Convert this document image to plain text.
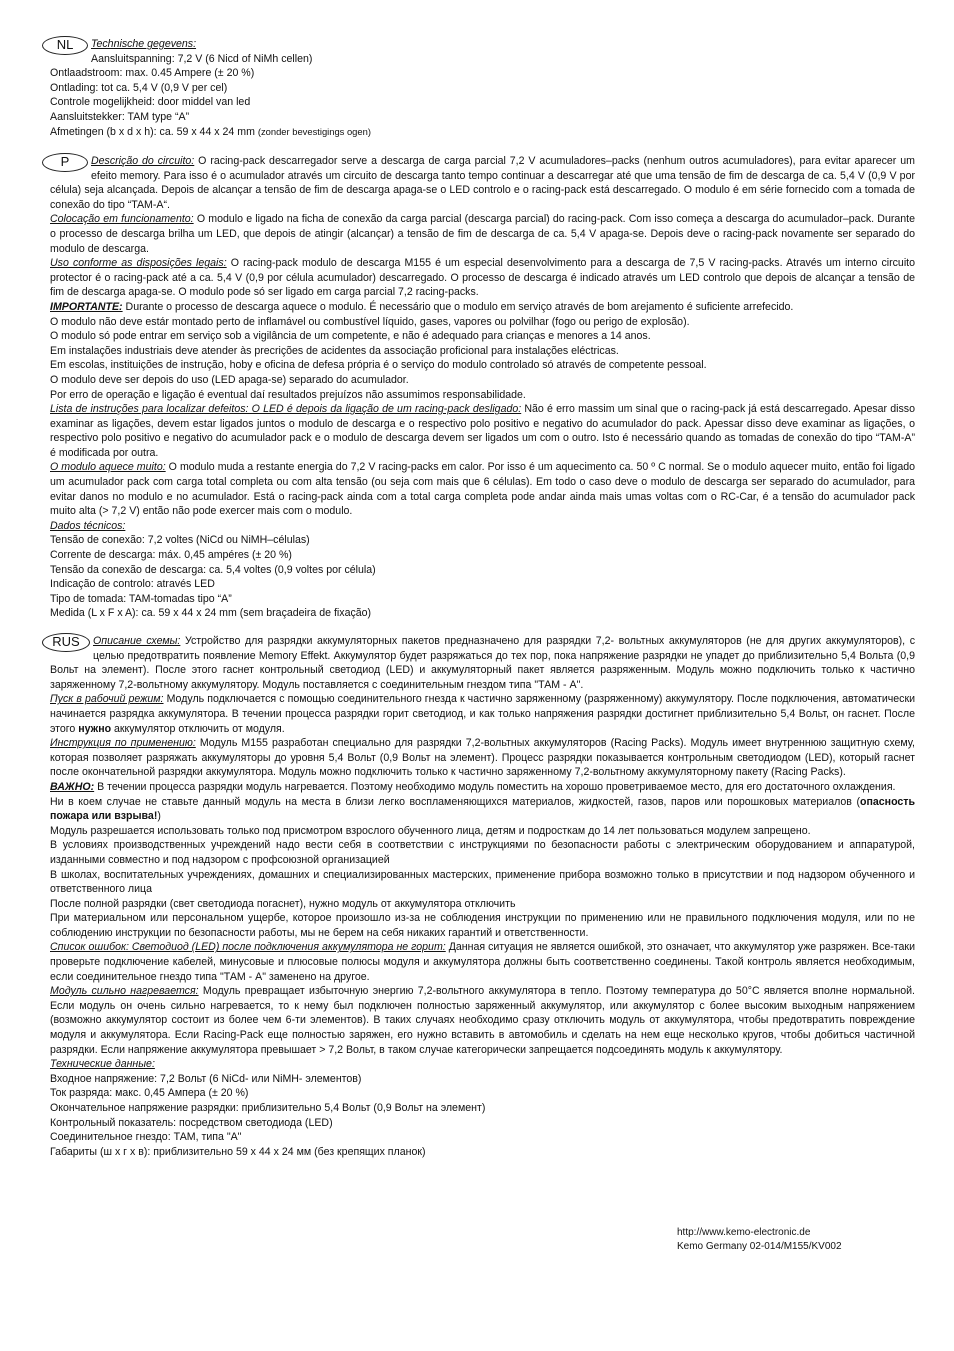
NL	Technische gegevens:
Aansluitspanning: 7,2 V (6 Nicd of NiMh cellen)

Ontlaadstroom: max. 0.45 Ampere (± 20 %)

Ontlading: tot ca. 5,4 V (0,9 V per cel)

Controle mogelijkheid: door middel van led

Aansluitstekker: TAM type “A”

Afmetingen (b x d x h): ca. 59 x 44 x 24 mm (zonder bevestigings ogen)

P	Descrição do circuito: O racing-pack descarregador serve a descarga de carga parcial 7,2 V acumuladores–packs (nenhum outros acumuladores), para evitar aparecer um efeito memory. Para isso é o acumulador através um circuito de descarga tanto tempo continuar a descarregar até que uma tensão de fim de descarga de ca. 5,4 V (0,9 V por célula) seja alcançada. Depois de alcançar a tensão de fim de descarga apaga-se o LED controlo e o racing-pack está descarregado. O modulo é em série fornecido com a tomada de conexão do tipo “TAM-A“.

Colocação em funcionamento: O modulo e ligado na ficha de conexão da carga parcial (descarga parcial) do racing-pack. Com isso começa a descarga do acumulador–pack. Durante o processo de descarga brilha um LED, que depois de atingir (alcançar) a tensão de fim de descarga de ca. 5,4 V apaga-se. Depois deve o racing-pack novamente ser separado do modulo de descarga.

Uso conforme as disposições legais: O racing-pack modulo de descarga M155 é um especial desenvolvimento para a descarga de 7,5 V racing-packs. Através um interno circuito protector é o racing-pack até a ca. 5,4 V (0,9 por célula acumulador) descarregado. O processo de descarga é indicado através um LED controlo que depois de alcançar a tensão de fim de descarga apaga-se. O modulo pode só ser ligado em carga parcial 7,2 racing-packs.

IMPORTANTE: Durante o processo de descarga aquece o modulo. É necessário que o modulo em serviço através de bom arejamento é suficiente arrefecido.

O modulo não deve estár montado perto de inflamável ou combustível líquido, gases, vapores ou polvilhar (fogo ou perigo de explosão).

O modulo só pode entrar em serviço sob a vigilância de um competente, e não é adequado para crianças e menores a 14 anos.

Em instalações industriais deve atender às precrições de acidentes da associação proficional para instalações eléctricas.

Em escolas, instituições de instrução, hoby e oficina de defesa própria é o serviço do modulo controlado só através de competente pessoal.

O modulo deve ser depois do uso (LED apaga-se) separado do acumulador.

Por erro de operação e ligação é eventual daí resultados prejuízos não assumimos responsabilidade.

Lista de instruções para localizar defeitos: O LED é depois da ligação de um racing-pack desligado: Não é erro massim um sinal que o racing-pack já está descarregado. Apesar disso examinar as ligações, devem estar ligados juntos o modulo de descarga e o respectivo polo positivo e negativo do acumulador do pack. Apessar disso deve examinar as ligações, o respectivo polo positivo e negativo do acumulador pack e o modulo de descarga devem ser ligados um com o outro. Isto é necessário quando as tomadas de conexão do tipo “TAM-A” é modificada por outra.

O modulo aquece muito: O modulo muda a restante energia do 7,2 V racing-packs em calor. Por isso é um aquecimento ca. 50 º C normal. Se o modulo aquecer muito, então foi ligado um acumulador pack com carga total completa ou com alta tensão (ou seja com mais que 6 células). Em todo o caso deve o modulo de descarga ser separado do acumulador, para evitar danos no modulo e no acumulador. Está o racing-pack ainda com a total carga completa pode andar ainda mais umas voltas com o RC-Car, é a tensão do acumulador pack muito alta (> 7,2 V) então não pode exercer mais com o modulo.

Dados técnicos:

Tensão de conexão: 7,2 voltes (NiCd ou NiMH–células)

Corrente de descarga: máx. 0,45 ampéres (± 20 %)

Tensão da conexão de descarga: ca. 5,4 voltes (0,9 voltes por célula)

Indicação de controlo: através LED

Tipo de tomada: TAM-tomadas tipo “A”

Medida (L x F x A): ca. 59 x 44 x 24 mm (sem braçadeira de fixação)

RUS	Описание схемы: Устройство для разрядки аккумуляторных пакетов предназначено для разрядки 7,2- вольтных аккумуляторов (не для других аккумуляторов), с целью предотвратить появление Memory Effekt. Аккумулятор будет разряжаться до тех пор, пока напряжение разрядки не упадет до приблизительно 5,4 Вольта (0,9 Вольт на элемент). После этого гаснет контрольный светодиод (LED) и аккумуляторный пакет является разряженным. Модуль можно подключить только к частично заряженному 7,2-вольтному аккумулятору. Модуль поставляется с соединительным гнездом типа "ТАМ - А".

Пуск в рабочий режим: Модуль подключается с помощью соединительного гнезда к частично заряженному (разряженному) аккумулятору. После подключения, автоматически начинается разрядка аккумулятора. В течении процесса разрядки горит светодиод, и как только напряжения разрядки достигнет приблизительно 5,4 Вольт, он гаснет. После этого нужно аккумулятор отключить от модуля.

Инструкция по применению: Модуль M155 разработан специально для разрядки 7,2-вольтных аккумуляторов (Racing Packs). Модуль имеет внутреннюю защитную схему, которая позволяет разряжать аккумуляторы до уровня 5,4 Вольт (0,9 Вольт на элемент). Процесс разрядки показывается контрольным светодиодом (LED), который гаснет после окончательной разрядки аккумулятора. Модуль можно подключить только к частично заряженному 7,2-вольтному аккумуляторному пакету (Racing Packs).

ВАЖНО: В течении процесса разрядки модуль нагревается. Поэтому необходимо модуль поместить на хорошо проветриваемое место, для его достаточного охлаждения.

Ни в коем случае не ставьте данный модуль на места в близи легко воспламеняющихся материалов, жидкостей, газов, паров или порошковых материалов (опасность пожара или взрыва!)

Модуль разрешается использовать только под присмотром взрослого обученного лица, детям и подросткам до 14 лет пользоваться модулем запрещено.

В условиях производственных учреждений надо вести себя в соответствии с инструкциями по безопасности работы с электрическим оборудованием и аппаратурой, изданными совместно и под надзором с профсоюзной организацией

В школах, воспитательных учреждениях, домашних и специализированных мастерских, применение прибора возможно только в присутствии и под надзором обученного и ответственного лица

После полной разрядки (свет светодиода погаснет), нужно модуль от аккумулятора отключить

При материальном или персональном ущербе, которое произошло из-за не соблюдения инструкции по применению или не правильного подключения модуля, или по не соблюдению инструкции по безопасности работы, мы не берем на себя никаких гарантий и ответственности.

Список ошибок: Светодиод (LED) после подключения аккумулятора не горит: Данная ситуация не является ошибкой, это означает, что аккумулятор уже разряжен. Все-таки проверьте подключение кабелей, минусовые и плюсовые полюсы модуля и аккумулятора должны быть соответственно соединены. Такой контроль является необходимым, если соединительное гнездо типа "ТАМ - А" заменено на другое.

Модуль сильно нагревается: Модуль превращает избыточную энергию 7,2-вольтного аккумулятора в тепло. Поэтому температура до 50°С является вполне нормальной. Если модуль он очень сильно нагревается, то к нему был подключен полностью заряженный аккумулятор, или аккумулятор с более высоким выходным напряжением (возможно аккумулятор состоит из более чем 6-ти элементов). В таких случаях необходимо сразу отключить модуль от аккумулятора, чтобы предотвратить повреждение модуля и аккумулятора. Если Racing-Pack еще полностью заряжен, его нужно вставить в автомобиль и сделать на нем еще несколько кругов, чтобы добиться частичной разрядки. Если напряжение аккумулятора превышает > 7,2 Вольт, в таком случае категорически запрещается подсоединять модуль к аккумулятору.

Технические данные:

Входное напряжение: 7,2 Вольт (6 NiCd- или NiMH- элементов)

Ток разряда: макс. 0,45 Ампера (± 20 %)

Окончательное напряжение разрядки: приблизительно 5,4 Вольт (0,9 Вольт на элемент)

Контрольный показатель: посредством светодиода (LED)

Соединительное гнездо: ТАМ, типа "А"

Габариты (ш х г х в): приблизительно 59 х 44 х 24 мм (без крепящих планок)

http://www.kemo-electronic.de
Kemo Germany 02-014/M155/KV002
